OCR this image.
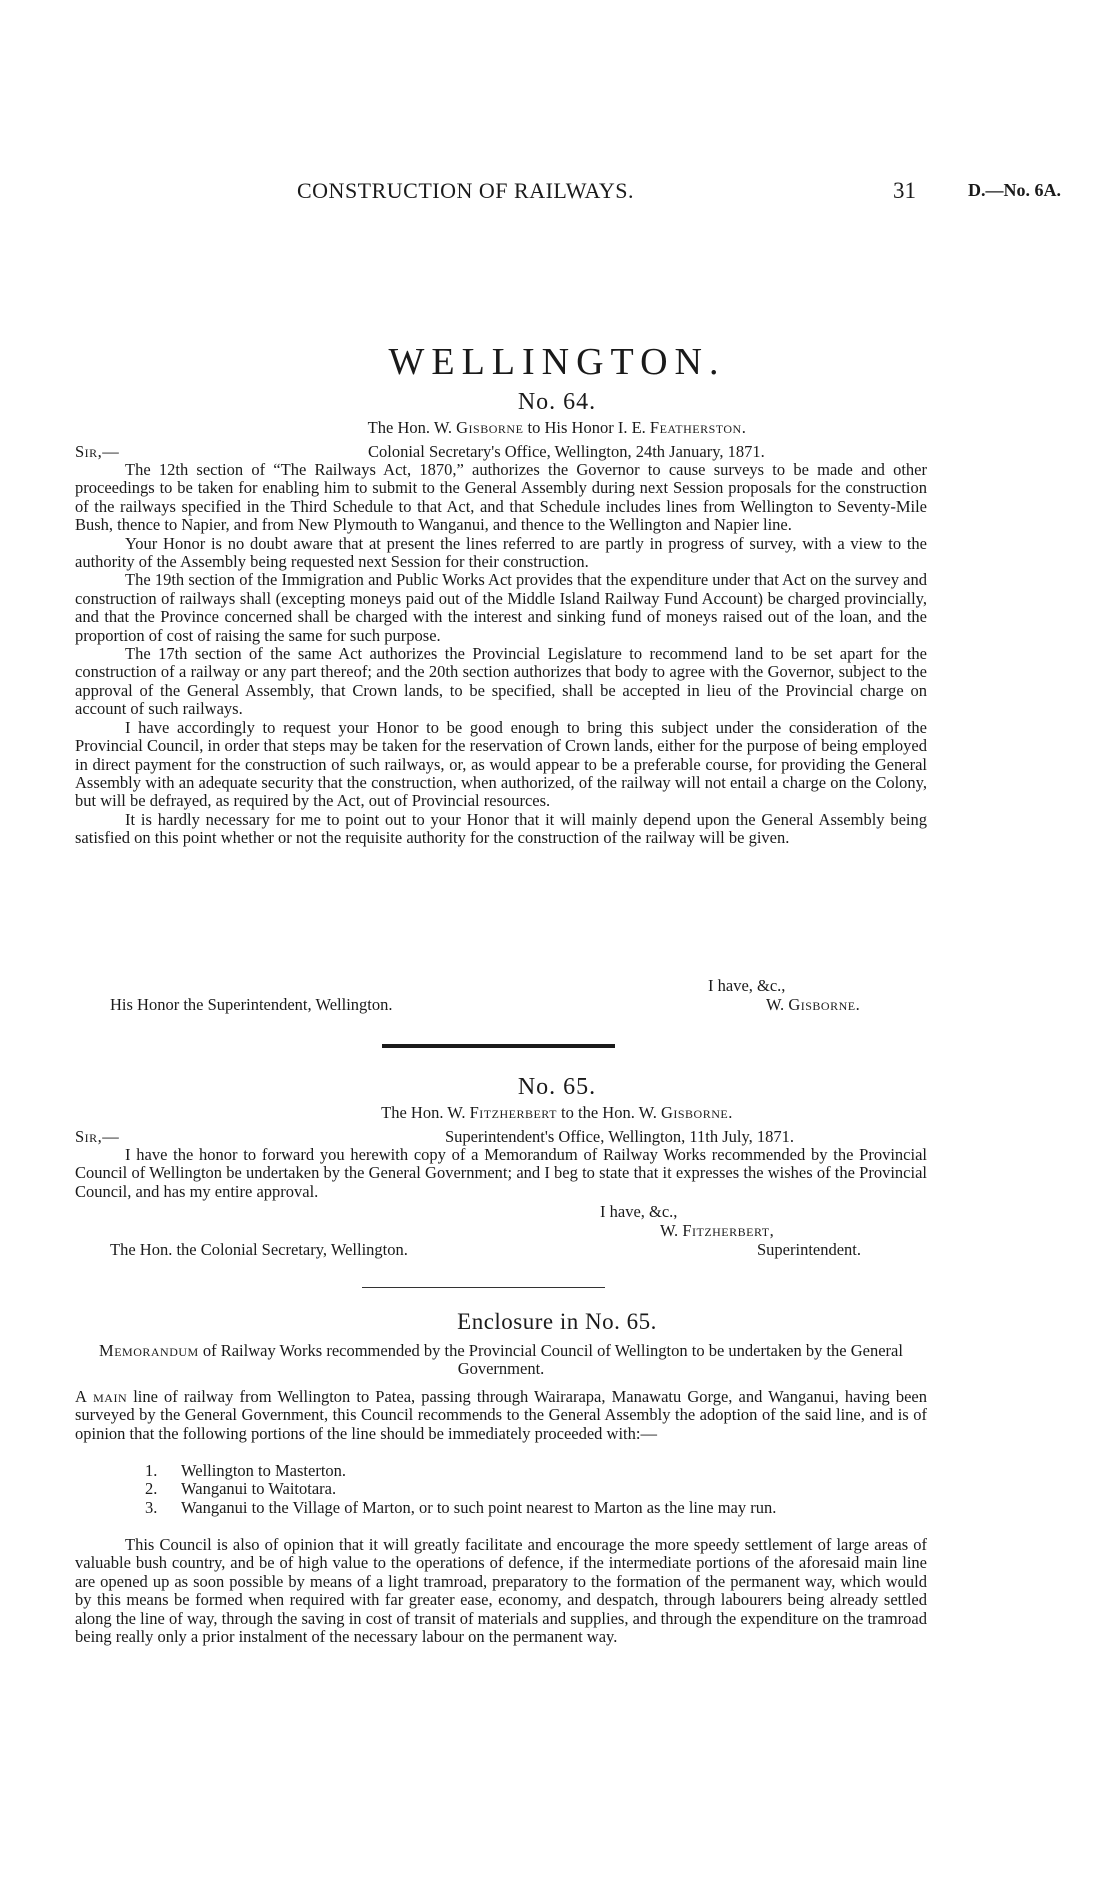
CONSTRUCTION OF RAILWAYS.	31	D.—No. 6A.
WELLINGTON.
No. 64.
The Hon. W. Gisborne to His Honor I. E. Featherston.
Sir,—	Colonial Secretary's Office, Wellington, 24th January, 1871.

The 12th section of “The Railways Act, 1870,” authorizes the Governor to cause surveys to be made and other proceedings to be taken for enabling him to submit to the General Assembly during next Session proposals for the construction of the railways specified in the Third Schedule to that Act, and that Schedule includes lines from Wellington to Seventy-Mile Bush, thence to Napier, and from New Plymouth to Wanganui, and thence to the Wellington and Napier line.

Your Honor is no doubt aware that at present the lines referred to are partly in progress of survey, with a view to the authority of the Assembly being requested next Session for their construction.

The 19th section of the Immigration and Public Works Act provides that the expenditure under that Act on the survey and construction of railways shall (excepting moneys paid out of the Middle Island Railway Fund Account) be charged provincially, and that the Province concerned shall be charged with the interest and sinking fund of moneys raised out of the loan, and the proportion of cost of raising the same for such purpose.

The 17th section of the same Act authorizes the Provincial Legislature to recommend land to be set apart for the construction of a railway or any part thereof; and the 20th section authorizes that body to agree with the Governor, subject to the approval of the General Assembly, that Crown lands, to be specified, shall be accepted in lieu of the Provincial charge on account of such railways.

I have accordingly to request your Honor to be good enough to bring this subject under the consideration of the Provincial Council, in order that steps may be taken for the reservation of Crown lands, either for the purpose of being employed in direct payment for the construction of such railways, or, as would appear to be a preferable course, for providing the General Assembly with an adequate security that the construction, when authorized, of the railway will not entail a charge on the Colony, but will be defrayed, as required by the Act, out of Provincial resources.

It is hardly necessary for me to point out to your Honor that it will mainly depend upon the General Assembly being satisfied on this point whether or not the requisite authority for the construction of the railway will be given.

I have, &c.,
His Honor the Superintendent, Wellington.	W. Gisborne.
No. 65.
The Hon. W. Fitzherbert to the Hon. W. Gisborne.
Sir,—	Superintendent's Office, Wellington, 11th July, 1871.

I have the honor to forward you herewith copy of a Memorandum of Railway Works recommended by the Provincial Council of Wellington be undertaken by the General Government; and I beg to state that it expresses the wishes of the Provincial Council, and has my entire approval.

I have, &c.,
W. Fitzherbert,
The Hon. the Colonial Secretary, Wellington.	Superintendent.
Enclosure in No. 65.

Memorandum of Railway Works recommended by the Provincial Council of Wellington to be undertaken by the General Government.

A main line of railway from Wellington to Patea, passing through Wairarapa, Manawatu Gorge, and Wanganui, having been surveyed by the General Government, this Council recommends to the General Assembly the adoption of the said line, and is of opinion that the following portions of the line should be immediately proceeded with:—

1.	Wellington to Masterton.
2.	Wanganui to Waitotara.
3.	Wanganui to the Village of Marton, or to such point nearest to Marton as the line may run.

This Council is also of opinion that it will greatly facilitate and encourage the more speedy settlement of large areas of valuable bush country, and be of high value to the operations of defence, if the intermediate portions of the aforesaid main line are opened up as soon possible by means of a light tramroad, preparatory to the formation of the permanent way, which would by this means be formed when required with far greater ease, economy, and despatch, through labourers being already settled along the line of way, through the saving in cost of transit of materials and supplies, and through the expenditure on the tramroad being really only a prior instalment of the necessary labour on the permanent way.
